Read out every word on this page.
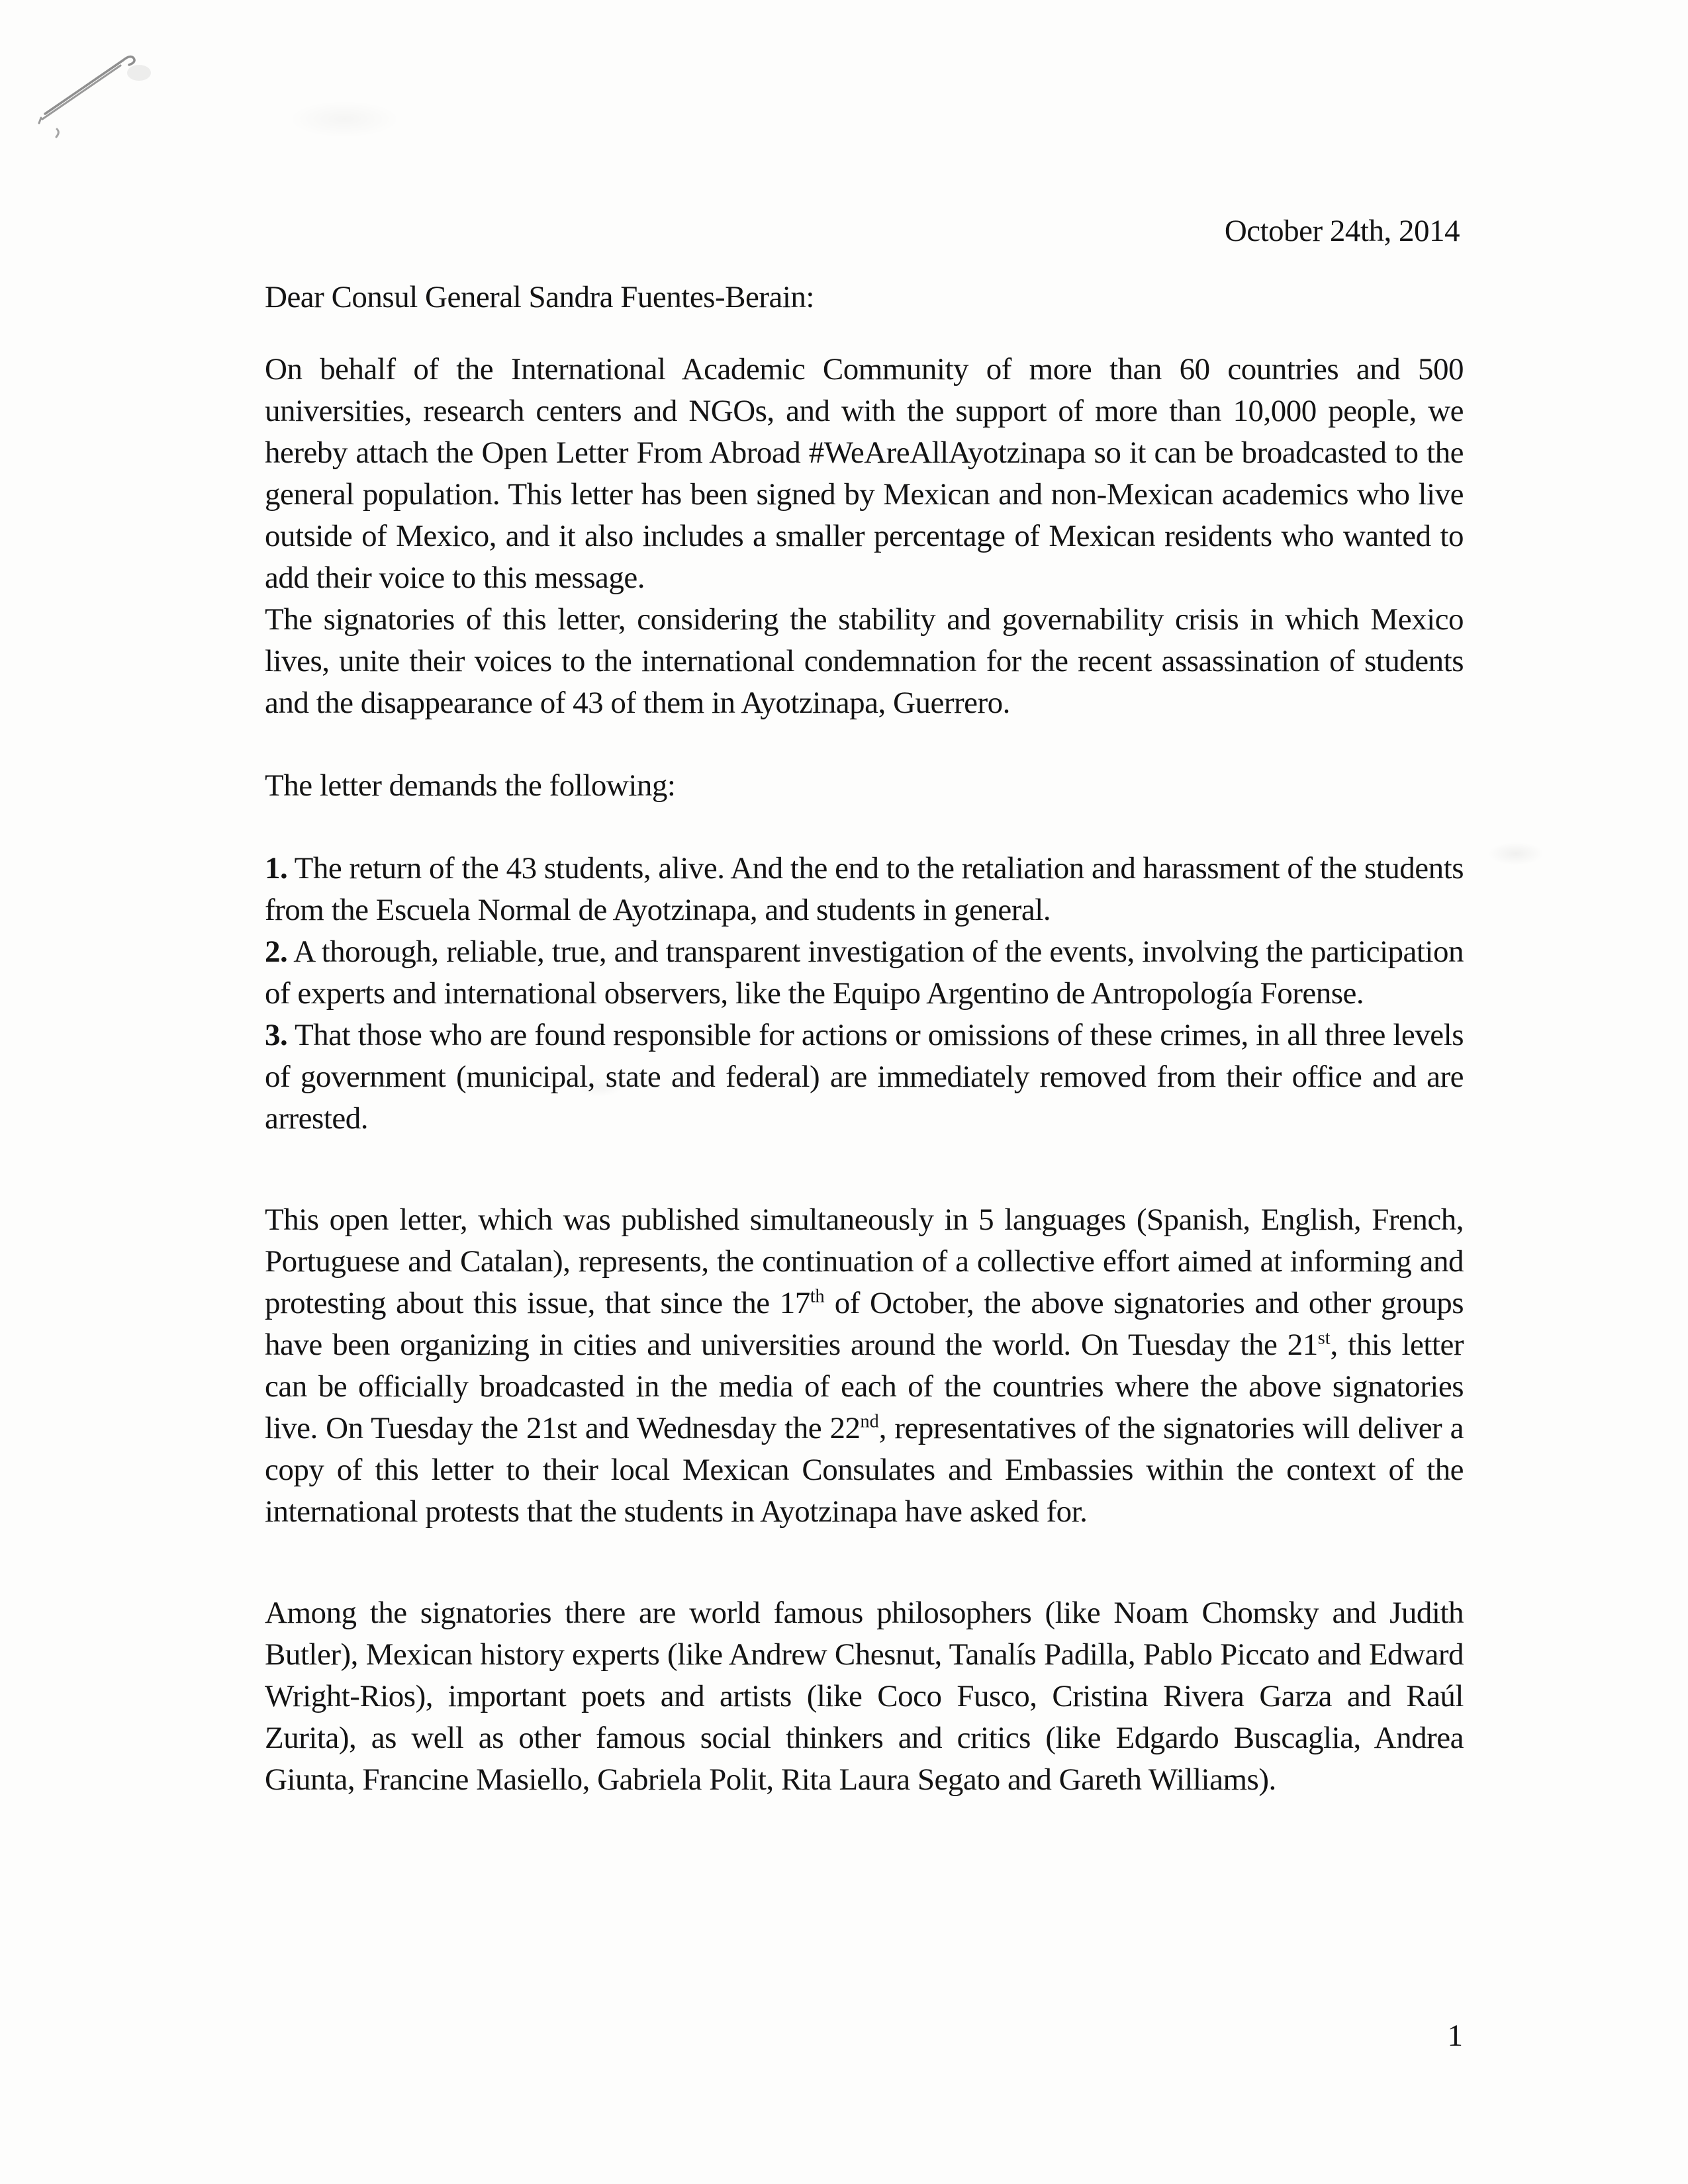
October 24th, 2014

Dear Consul General Sandra Fuentes-Berain:

On behalf of the International Academic Community of more than 60 countries and 500 universities, research centers and NGOs, and with the support of more than 10,000 people, we hereby attach the Open Letter From Abroad #WeAreAllAyotzinapa so it can be broadcasted to the general population. This letter has been signed by Mexican and non-Mexican academics who live outside of Mexico, and it also includes a smaller percentage of Mexican residents who wanted to add their voice to this message.

The signatories of this letter, considering the stability and governability crisis in which Mexico lives, unite their voices to the international condemnation for the recent assassination of students and the disappearance of 43 of them in Ayotzinapa, Guerrero.

The letter demands the following:

1. The return of the 43 students, alive. And the end to the retaliation and harassment of the students from the Escuela Normal de Ayotzinapa, and students in general.

2. A thorough, reliable, true, and transparent investigation of the events, involving the participation of experts and international observers, like the Equipo Argentino de Antropología Forense.

3. That those who are found responsible for actions or omissions of these crimes, in all three levels of government (municipal, state and federal) are immediately removed from their office and are arrested.

This open letter, which was published simultaneously in 5 languages (Spanish, English, French, Portuguese and Catalan), represents, the continuation of a collective effort aimed at informing and protesting about this issue, that since the 17th of October, the above signatories and other groups have been organizing in cities and universities around the world. On Tuesday the 21st, this letter can be officially broadcasted in the media of each of the countries where the above signatories live. On Tuesday the 21st and Wednesday the 22nd, representatives of the signatories will deliver a copy of this letter to their local Mexican Consulates and Embassies within the context of the international protests that the students in Ayotzinapa have asked for.

Among the signatories there are world famous philosophers (like Noam Chomsky and Judith Butler), Mexican history experts (like Andrew Chesnut, Tanalís Padilla, Pablo Piccato and Edward Wright-Rios), important poets and artists (like Coco Fusco, Cristina Rivera Garza and Raúl Zurita), as well as other famous social thinkers and critics (like Edgardo Buscaglia, Andrea Giunta, Francine Masiello, Gabriela Polit, Rita Laura Segato and Gareth Williams).

1
